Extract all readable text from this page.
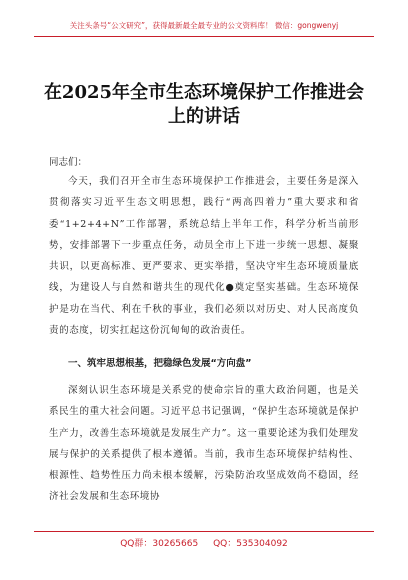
关注头条号“公文研究”，获得最新最全最专业的公文资料库！ 微信：gongwenyj
在2025年全市生态环境保护工作推进会上的讲话
同志们：
今天，我们召开全市生态环境保护工作推进会，主要任务是深入贯彻落实习近平生态文明思想，践行“两高四着力”重大要求和省委“1+2+4+N”工作部署，系统总结上半年工作，科学分析当前形势，安排部署下一步重点任务，动员全市上下进一步统一思想、凝聚共识，以更高标准、更严要求、更实举措，坚决守牢生态环境质量底线，为建设人与自然和谐共生的现代化●奠定坚实基础。生态环境保护是功在当代、利在千秋的事业，我们必须以对历史、对人民高度负责的态度，切实扛起这份沉甸甸的政治责任。
一、筑牢思想根基，把稳绿色发展“方向盘”
深刻认识生态环境是关系党的使命宗旨的重大政治问题，也是关系民生的重大社会问题。习近平总书记强调，“保护生态环境就是保护生产力，改善生态环境就是发展生产力”。这一重要论述为我们处理发展与保护的关系提供了根本遵循。当前，我市生态环境保护结构性、根源性、趋势性压力尚未根本缓解，污染防治攻坚成效尚不稳固，经济社会发展和生态环境协
QQ群：30265665 QQ：535304092
